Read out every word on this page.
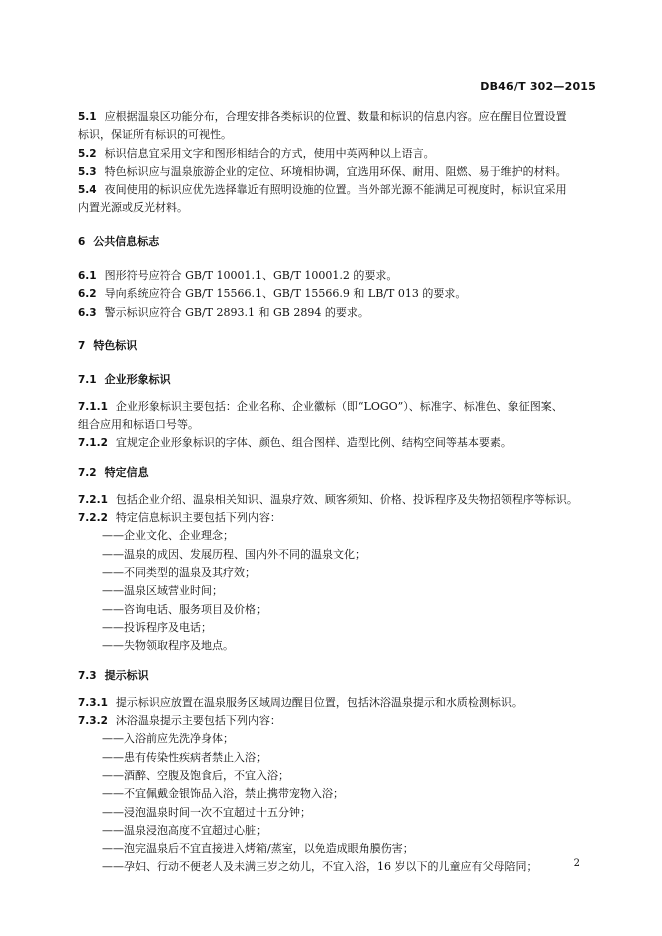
DB46/T 302—2015

5.1 应根据温泉区功能分布，合理安排各类标识的位置、数量和标识的信息内容。应在醒目位置设置
标识，保证所有标识的可视性。

5.2 标识信息宜采用文字和图形相结合的方式，使用中英两种以上语言。

5.3 特色标识应与温泉旅游企业的定位、环境相协调，宜选用环保、耐用、阻燃、易于维护的材料。

5.4 夜间使用的标识应优先选择靠近有照明设施的位置。当外部光源不能满足可视度时，标识宜采用
内置光源或反光材料。

6 公共信息标志

6.1 图形符号应符合 GB/T 10001.1、GB/T 10001.2 的要求。

6.2 导向系统应符合 GB/T 15566.1、GB/T 15566.9 和 LB/T 013 的要求。

6.3 警示标识应符合 GB/T 2893.1 和 GB 2894 的要求。

7 特色标识
7.1 企业形象标识

7.1.1 企业形象标识主要包括：企业名称、企业徽标（即“LOGO”）、标准字、标准色、象征图案、
组合应用和标语口号等。

7.1.2 宜规定企业形象标识的字体、颜色、组合图样、造型比例、结构空间等基本要素。

7.2 特定信息

7.2.1 包括企业介绍、温泉相关知识、温泉疗效、顾客须知、价格、投诉程序及失物招领程序等标识。

7.2.2 特定信息标识主要包括下列内容：

——企业文化、企业理念；
——温泉的成因、发展历程、国内外不同的温泉文化；
——不同类型的温泉及其疗效；
——温泉区域营业时间；
——咨询电话、服务项目及价格；
——投诉程序及电话；
——失物领取程序及地点。
7.3 提示标识

7.3.1 提示标识应放置在温泉服务区域周边醒目位置，包括沐浴温泉提示和水质检测标识。

7.3.2 沐浴温泉提示主要包括下列内容：

——入浴前应先洗净身体；
——患有传染性疾病者禁止入浴；
——酒醉、空腹及饱食后，不宜入浴；
——不宜佩戴金银饰品入浴，禁止携带宠物入浴；
——浸泡温泉时间一次不宜超过十五分钟；
——温泉浸泡高度不宜超过心脏；
——泡完温泉后不宜直接进入烤箱/蒸室，以免造成眼角膜伤害；
——孕妇、行动不便老人及未满三岁之幼儿，不宜入浴，16 岁以下的儿童应有父母陪同；	2
